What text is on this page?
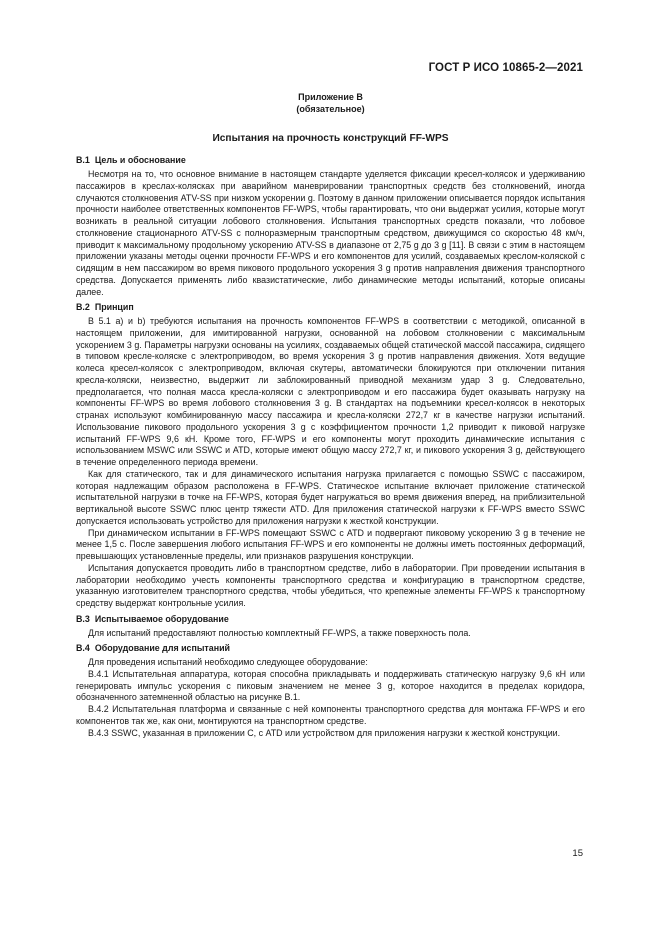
ГОСТ Р ИСО 10865-2—2021
Приложение В
(обязательное)
Испытания на прочность конструкций FF-WPS
В.1 Цель и обоснование

Несмотря на то, что основное внимание в настоящем стандарте уделяется фиксации кресел-колясок и удерживанию пассажиров в креслах-колясках при аварийном маневрировании транспортных средств без столкновений, иногда случаются столкновения ATV-SS при низком ускорении g. Поэтому в данном приложении описывается порядок испытания прочности наиболее ответственных компонентов FF-WPS, чтобы гарантировать, что они выдержат усилия, которые могут возникать в реальной ситуации лобового столкновения. Испытания транспортных средств показали, что лобовое столкновение стационарного ATV-SS с полноразмерным транспортным средством, движущимся со скоростью 48 км/ч, приводит к максимальному продольному ускорению ATV-SS в диапазоне от 2,75 g до 3 g [11]. В связи с этим в настоящем приложении указаны методы оценки прочности FF-WPS и его компонентов для усилий, создаваемых креслом-коляской с сидящим в нем пассажиром во время пикового продольного ускорения 3 g против направления движения транспортного средства. Допускается применять либо квазистатические, либо динамические методы испытаний, которые описаны далее.

В.2 Принцип

В 5.1 а) и b) требуются испытания на прочность компонентов FF-WPS в соответствии с методикой, описанной в настоящем приложении, для имитированной нагрузки, основанной на лобовом столкновении с максимальным ускорением 3 g. Параметры нагрузки основаны на усилиях, создаваемых общей статической массой пассажира, сидящего в типовом кресле-коляске с электроприводом, во время ускорения 3 g против направления движения. Хотя ведущие колеса кресел-колясок с электроприводом, включая скутеры, автоматически блокируются при отключении питания кресла-коляски, неизвестно, выдержит ли заблокированный приводной механизм удар 3 g. Следовательно, предполагается, что полная масса кресла-коляски с электроприводом и его пассажира будет оказывать нагрузку на компоненты FF-WPS во время лобового столкновения 3 g. В стандартах на подъемники кресел-колясок в некоторых странах используют комбинированную массу пассажира и кресла-коляски 272,7 кг в качестве нагрузки испытаний. Использование пикового продольного ускорения 3 g с коэффициентом прочности 1,2 приводит к пиковой нагрузке испытаний FF-WPS 9,6 кН. Кроме того, FF-WPS и его компоненты могут проходить динамические испытания с использованием MSWC или SSWC и ATD, которые имеют общую массу 272,7 кг, и пикового ускорения 3 g, действующего в течение определенного периода времени.

Как для статического, так и для динамического испытания нагрузка прилагается с помощью SSWC с пассажиром, которая надлежащим образом расположена в FF-WPS. Статическое испытание включает приложение статической испытательной нагрузки в точке на FF-WPS, которая будет нагружаться во время движения вперед, на приблизительной вертикальной высоте SSWC плюс центр тяжести ATD. Для приложения статической нагрузки к FF-WPS вместо SSWC допускается использовать устройство для приложения нагрузки к жесткой конструкции.

При динамическом испытании в FF-WPS помещают SSWC с ATD и подвергают пиковому ускорению 3 g в течение не менее 1,5 с. После завершения любого испытания FF-WPS и его компоненты не должны иметь постоянных деформаций, превышающих установленные пределы, или признаков разрушения конструкции.

Испытания допускается проводить либо в транспортном средстве, либо в лаборатории. При проведении испытания в лаборатории необходимо учесть компоненты транспортного средства и конфигурацию в транспортном средстве, указанную изготовителем транспортного средства, чтобы убедиться, что крепежные элементы FF-WPS к транспортному средству выдержат контрольные усилия.

В.3 Испытываемое оборудование

Для испытаний предоставляют полностью комплектный FF-WPS, а также поверхность пола.

В.4 Оборудование для испытаний

Для проведения испытаний необходимо следующее оборудование:

В.4.1 Испытательная аппаратура, которая способна прикладывать и поддерживать статическую нагрузку 9,6 кН или генерировать импульс ускорения с пиковым значением не менее 3 g, которое находится в пределах коридора, обозначенного затемненной областью на рисунке В.1.

В.4.2 Испытательная платформа и связанные с ней компоненты транспортного средства для монтажа FF-WPS и его компонентов так же, как они, монтируются на транспортном средстве.

В.4.3 SSWC, указанная в приложении С, с ATD или устройством для приложения нагрузки к жесткой конструкции.

15
